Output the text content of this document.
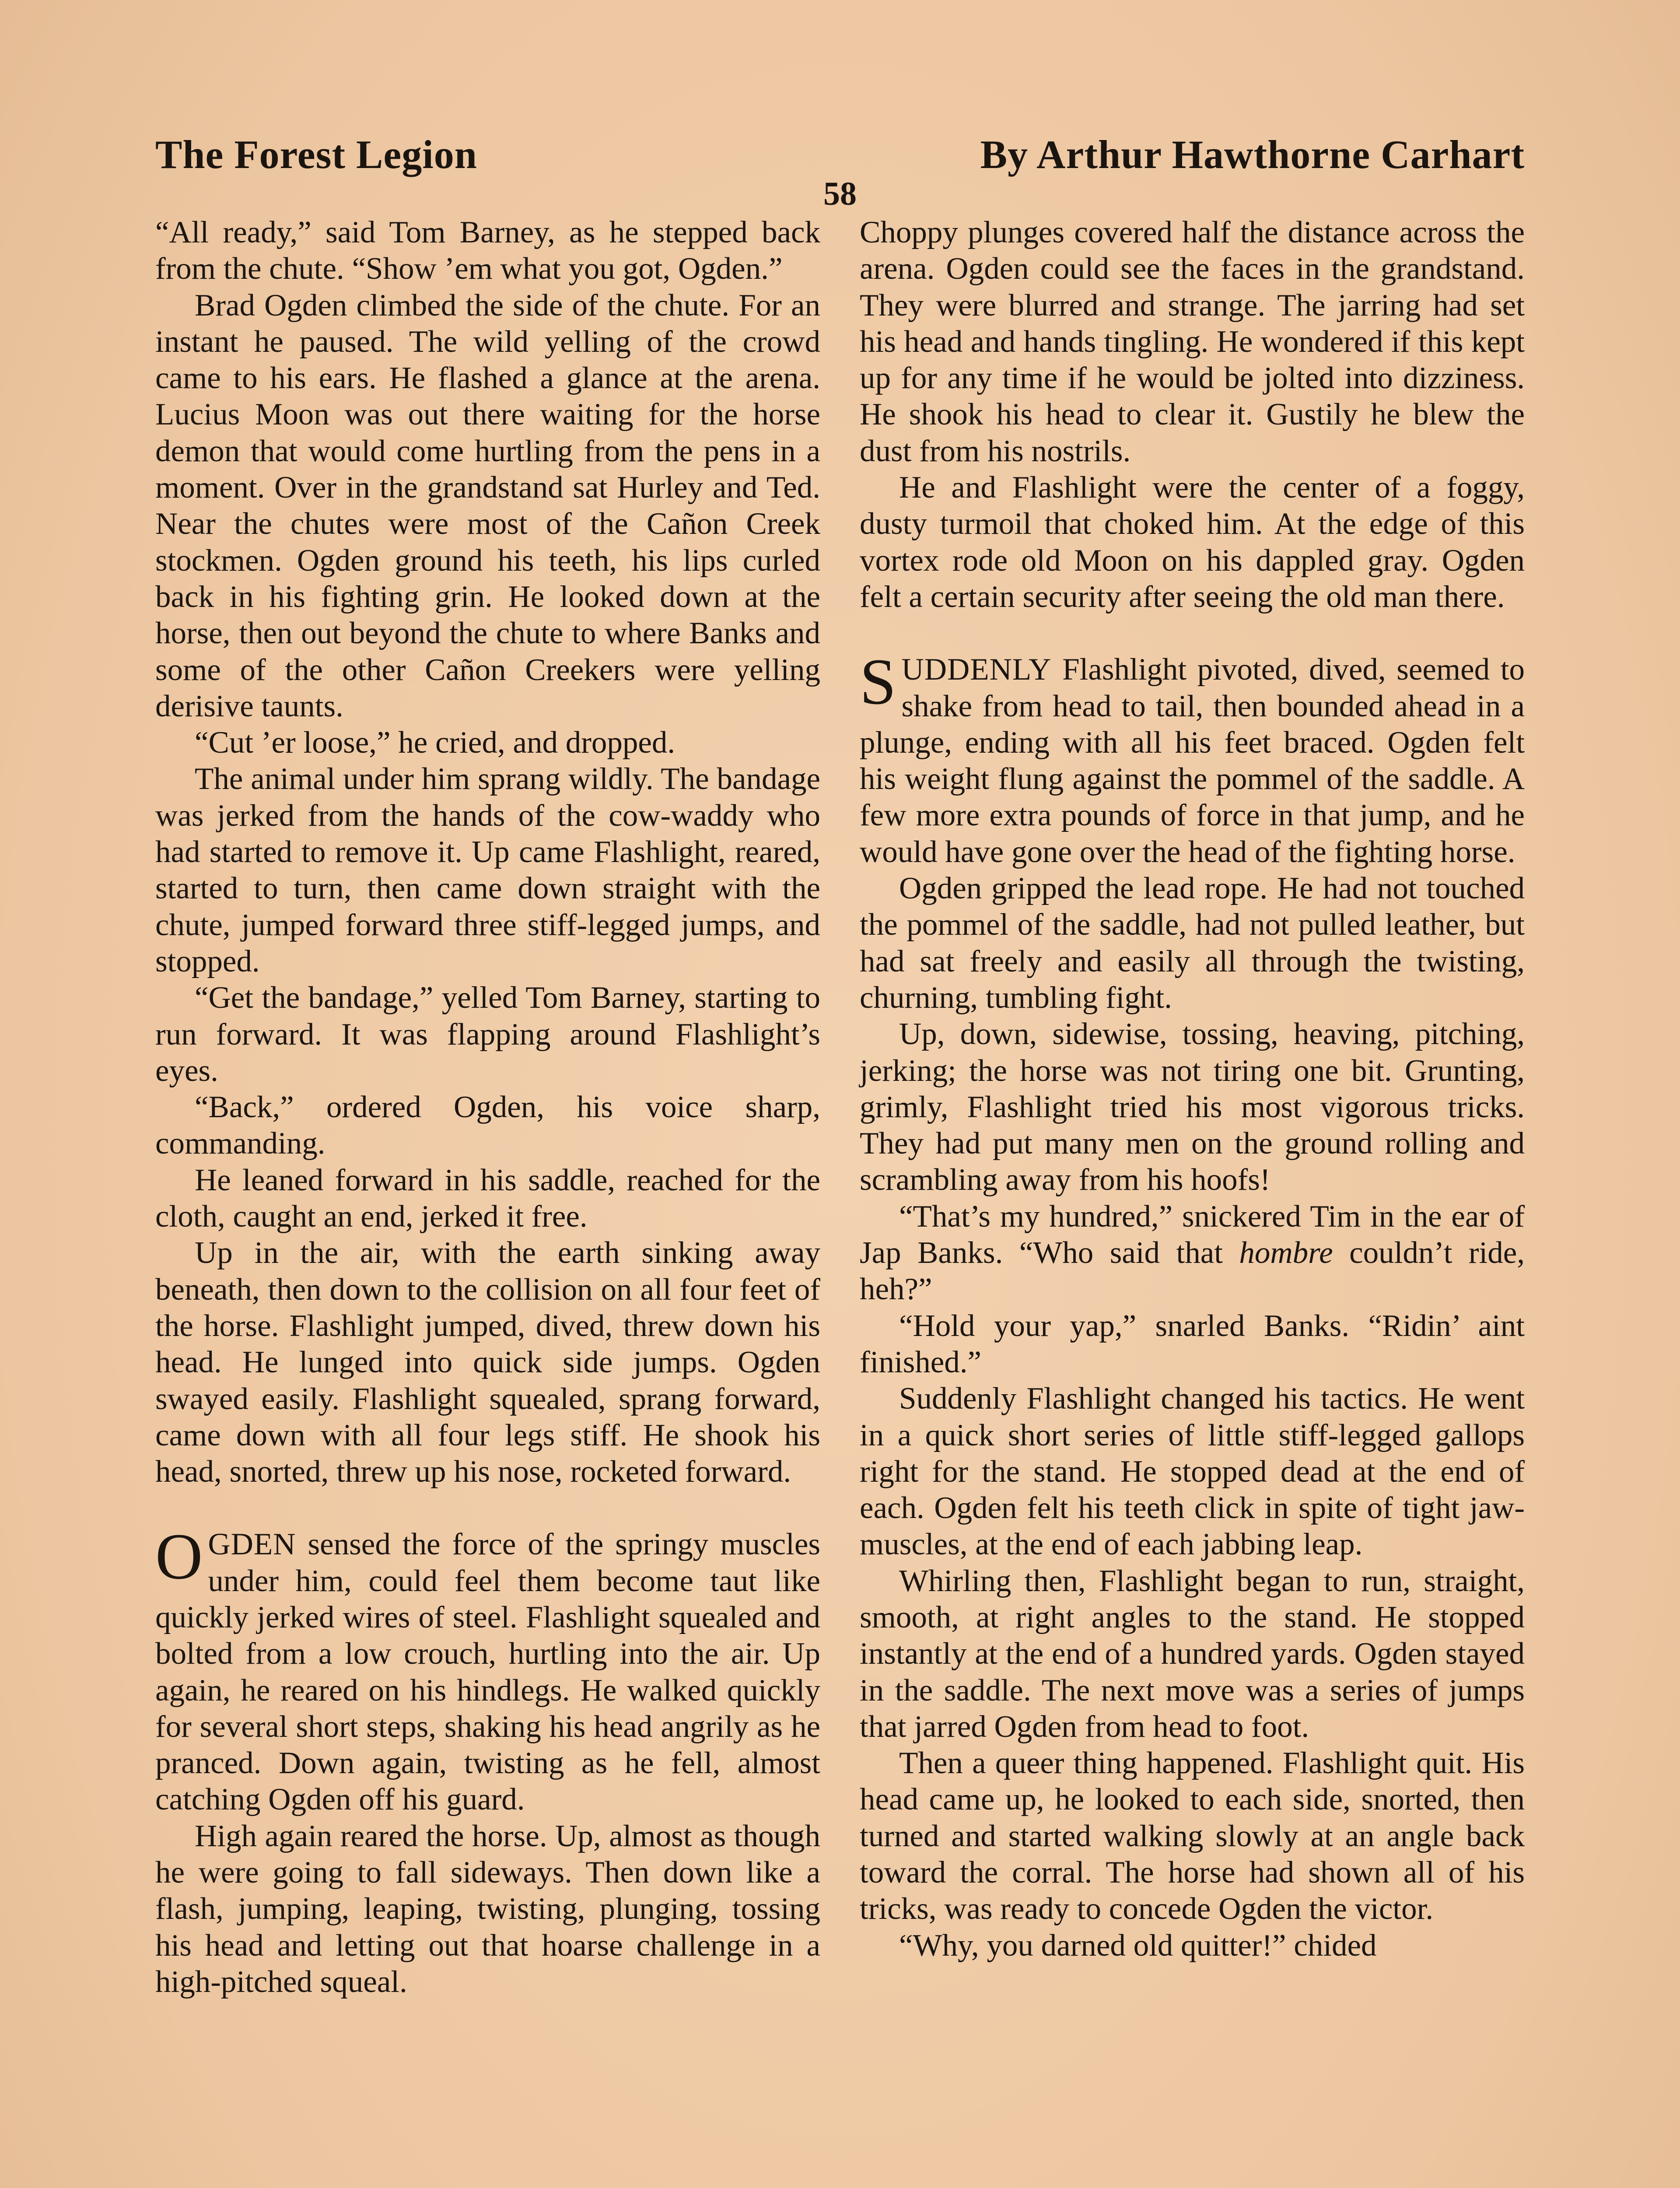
The Forest Legion	By Arthur Hawthorne Carhart
58

“All ready,” said Tom Barney, as he stepped back from the chute. “Show ’em what you got, Ogden.”

Brad Ogden climbed the side of the chute. For an instant he paused. The wild yelling of the crowd came to his ears. He flashed a glance at the arena. Lucius Moon was out there waiting for the horse demon that would come hurtling from the pens in a moment. Over in the grandstand sat Hurley and Ted. Near the chutes were most of the Cañon Creek stockmen. Ogden ground his teeth, his lips curled back in his fighting grin. He looked down at the horse, then out beyond the chute to where Banks and some of the other Cañon Creekers were yelling derisive taunts.

“Cut ’er loose,” he cried, and dropped.

The animal under him sprang wildly. The bandage was jerked from the hands of the cow-waddy who had started to remove it. Up came Flashlight, reared, started to turn, then came down straight with the chute, jumped forward three stiff-legged jumps, and stopped.

“Get the bandage,” yelled Tom Barney, starting to run forward. It was flapping around Flashlight’s eyes.

“Back,” ordered Ogden, his voice sharp, commanding.

He leaned forward in his saddle, reached for the cloth, caught an end, jerked it free.

Up in the air, with the earth sinking away beneath, then down to the collision on all four feet of the horse. Flashlight jumped, dived, threw down his head. He lunged into quick side jumps. Ogden swayed easily. Flashlight squealed, sprang forward, came down with all four legs stiff. He shook his head, snorted, threw up his nose, rocketed forward.

OGDEN sensed the force of the springy muscles under him, could feel them become taut like quickly jerked wires of steel. Flashlight squealed and bolted from a low crouch, hurtling into the air. Up again, he reared on his hindlegs. He walked quickly for several short steps, shaking his head angrily as he pranced. Down again, twisting as he fell, almost catching Ogden off his guard.

High again reared the horse. Up, almost as though he were going to fall sideways. Then down like a flash, jumping, leaping, twisting, plunging, tossing his head and letting out that hoarse challenge in a high-pitched squeal.

Choppy plunges covered half the distance across the arena. Ogden could see the faces in the grandstand. They were blurred and strange. The jarring had set his head and hands tingling. He wondered if this kept up for any time if he would be jolted into dizziness. He shook his head to clear it. Gustily he blew the dust from his nostrils.

He and Flashlight were the center of a foggy, dusty turmoil that choked him. At the edge of this vortex rode old Moon on his dappled gray. Ogden felt a certain security after seeing the old man there.

SUDDENLY Flashlight pivoted, dived, seemed to shake from head to tail, then bounded ahead in a plunge, ending with all his feet braced. Ogden felt his weight flung against the pommel of the saddle. A few more extra pounds of force in that jump, and he would have gone over the head of the fighting horse.

Ogden gripped the lead rope. He had not touched the pommel of the saddle, had not pulled leather, but had sat freely and easily all through the twisting, churning, tumbling fight.

Up, down, sidewise, tossing, heaving, pitching, jerking; the horse was not tiring one bit. Grunting, grimly, Flashlight tried his most vigorous tricks. They had put many men on the ground rolling and scrambling away from his hoofs!

“That’s my hundred,” snickered Tim in the ear of Jap Banks. “Who said that hombre couldn’t ride, heh?”

“Hold your yap,” snarled Banks. “Ridin’ aint finished.”

Suddenly Flashlight changed his tactics. He went in a quick short series of little stiff-legged gallops right for the stand. He stopped dead at the end of each. Ogden felt his teeth click in spite of tight jaw-muscles, at the end of each jabbing leap.

Whirling then, Flashlight began to run, straight, smooth, at right angles to the stand. He stopped instantly at the end of a hundred yards. Ogden stayed in the saddle. The next move was a series of jumps that jarred Ogden from head to foot.

Then a queer thing happened. Flashlight quit. His head came up, he looked to each side, snorted, then turned and started walking slowly at an angle back toward the corral. The horse had shown all of his tricks, was ready to concede Ogden the victor.

“Why, you darned old quitter!” chided
